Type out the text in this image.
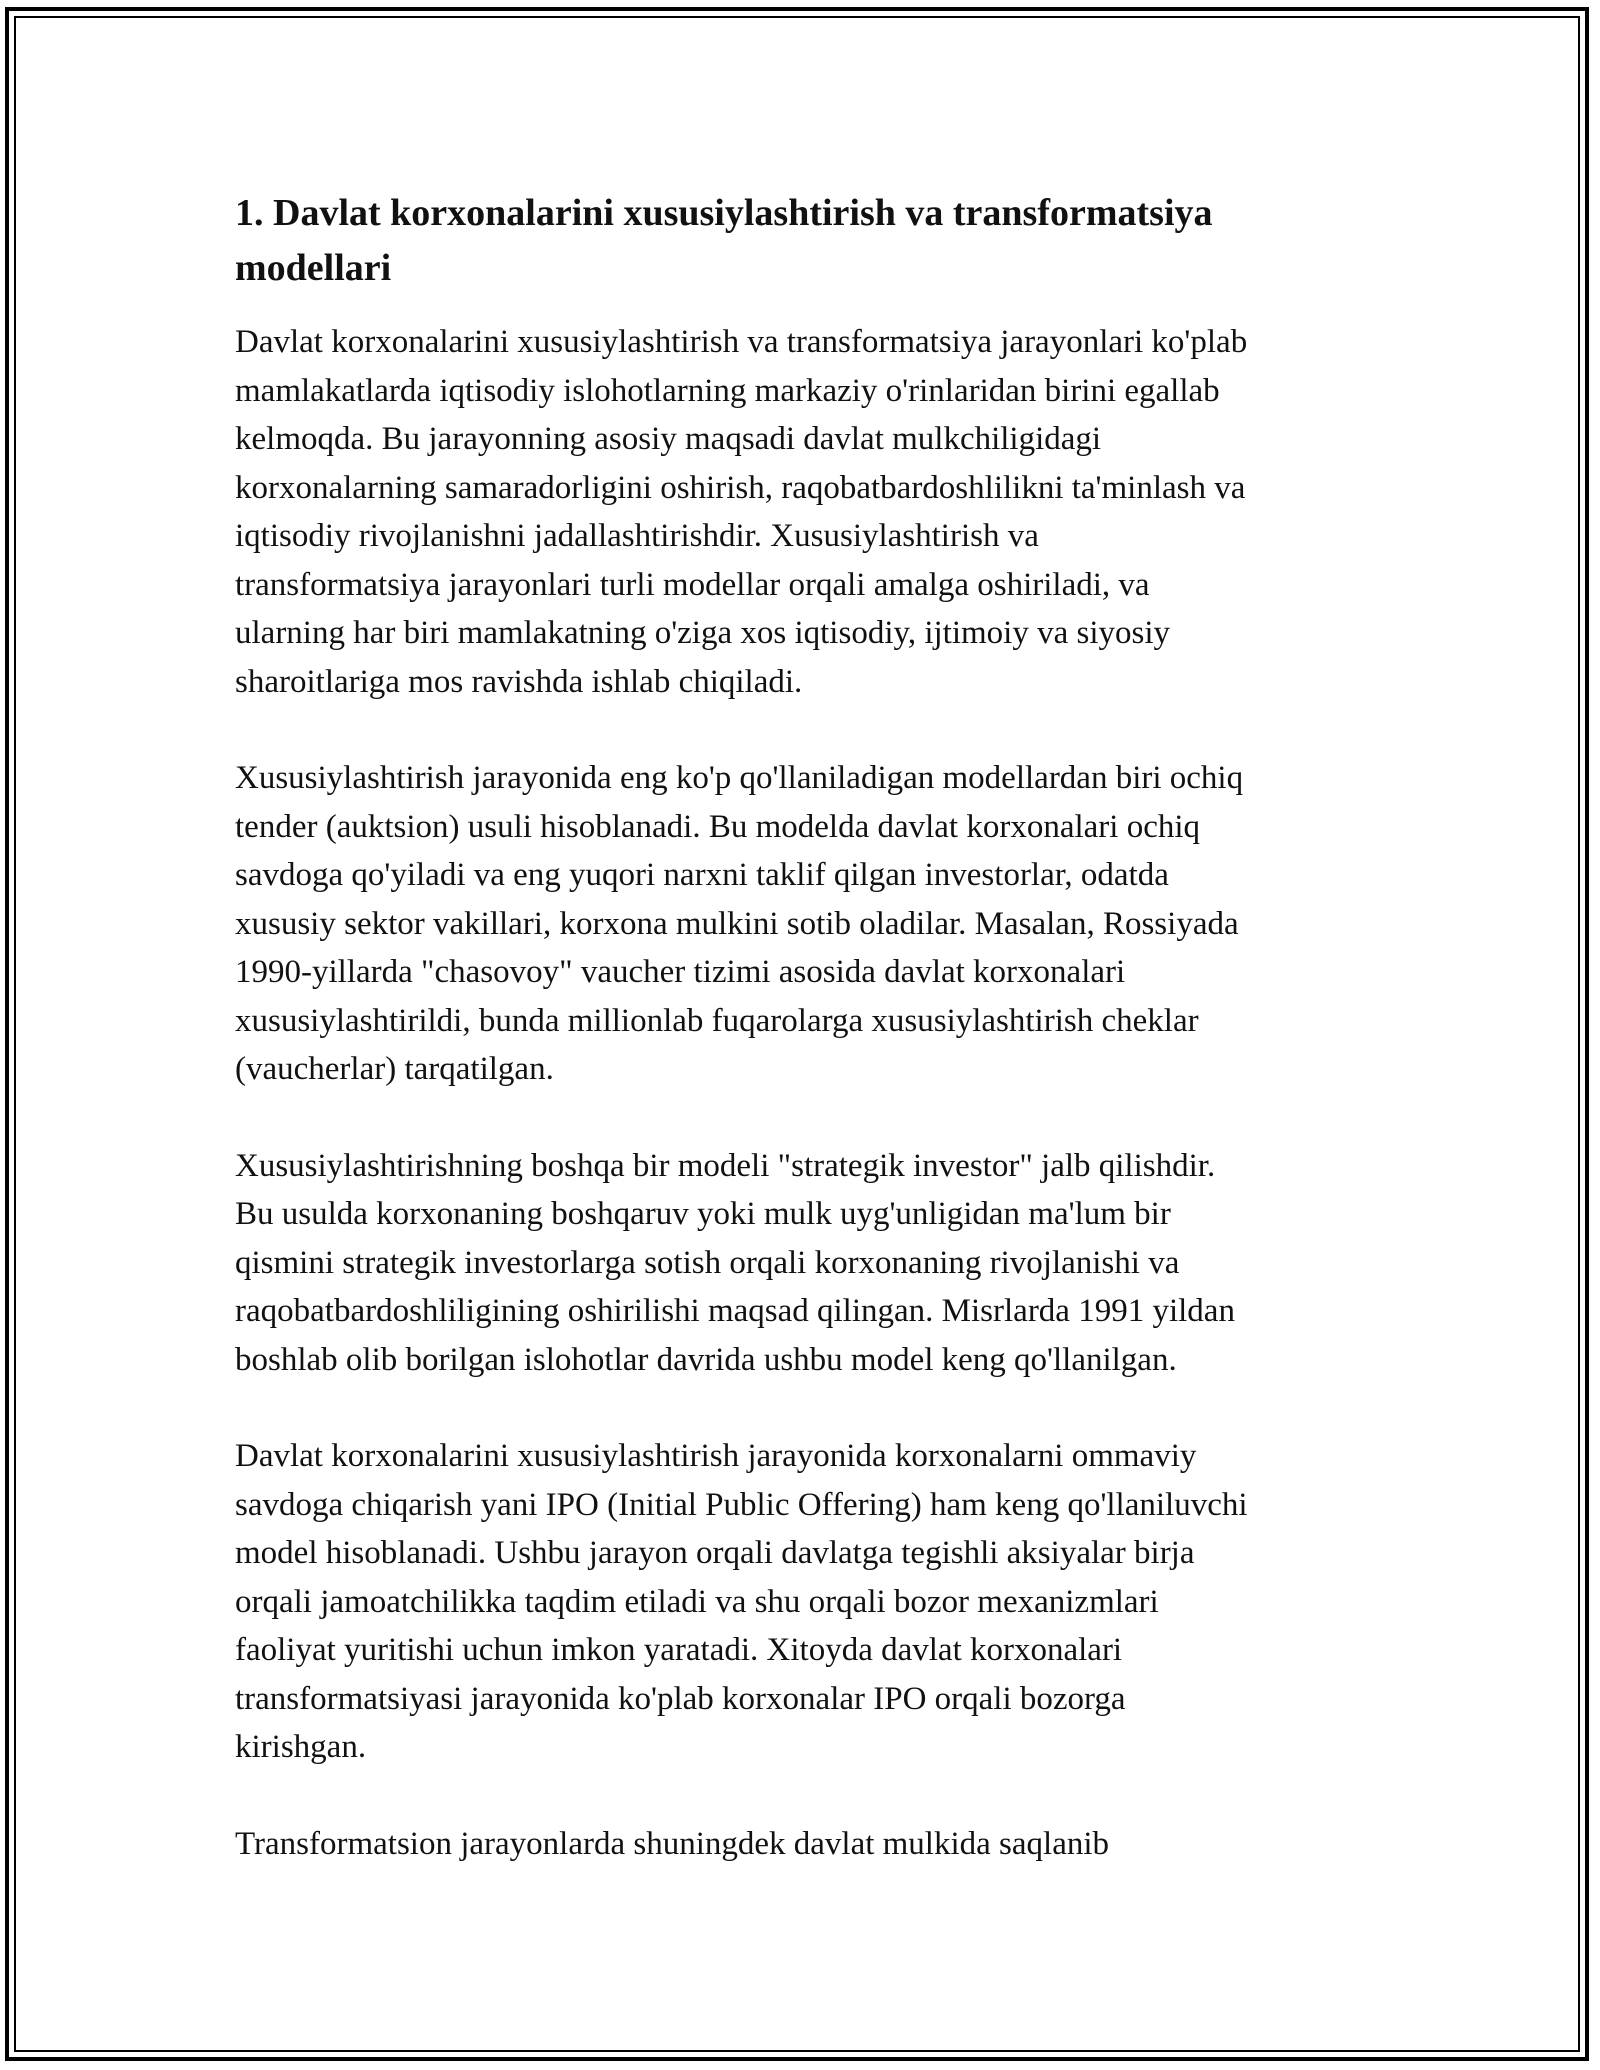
1. Davlat korxonalarini xususiylashtirish va transformatsiya
modellari

Davlat korxonalarini xususiylashtirish va transformatsiya jarayonlari ko'plab
mamlakatlarda iqtisodiy islohotlarning markaziy o'rinlaridan birini egallab
kelmoqda. Bu jarayonning asosiy maqsadi davlat mulkchiligidagi
korxonalarning samaradorligini oshirish, raqobatbardoshlilikni ta'minlash va
iqtisodiy rivojlanishni jadallashtirishdir. Xususiylashtirish va
transformatsiya jarayonlari turli modellar orqali amalga oshiriladi, va
ularning har biri mamlakatning o'ziga xos iqtisodiy, ijtimoiy va siyosiy
sharoitlariga mos ravishda ishlab chiqiladi.

Xususiylashtirish jarayonida eng ko'p qo'llaniladigan modellardan biri ochiq
tender (auktsion) usuli hisoblanadi. Bu modelda davlat korxonalari ochiq
savdoga qo'yiladi va eng yuqori narxni taklif qilgan investorlar, odatda
xususiy sektor vakillari, korxona mulkini sotib oladilar. Masalan, Rossiyada
1990-yillarda "chasovoy" vaucher tizimi asosida davlat korxonalari
xususiylashtirildi, bunda millionlab fuqarolarga xususiylashtirish cheklar
(vaucherlar) tarqatilgan.

Xususiylashtirishning boshqa bir modeli "strategik investor" jalb qilishdir.
Bu usulda korxonaning boshqaruv yoki mulk uyg'unligidan ma'lum bir
qismini strategik investorlarga sotish orqali korxonaning rivojlanishi va
raqobatbardoshliligining oshirilishi maqsad qilingan. Misrlarda 1991 yildan
boshlab olib borilgan islohotlar davrida ushbu model keng qo'llanilgan.

Davlat korxonalarini xususiylashtirish jarayonida korxonalarni ommaviy
savdoga chiqarish yani IPO (Initial Public Offering) ham keng qo'llaniluvchi
model hisoblanadi. Ushbu jarayon orqali davlatga tegishli aksiyalar birja
orqali jamoatchilikka taqdim etiladi va shu orqali bozor mexanizmlari
faoliyat yuritishi uchun imkon yaratadi. Xitoyda davlat korxonalari
transformatsiyasi jarayonida ko'plab korxonalar IPO orqali bozorga
kirishgan.

Transformatsion jarayonlarda shuningdek davlat mulkida saqlanib
